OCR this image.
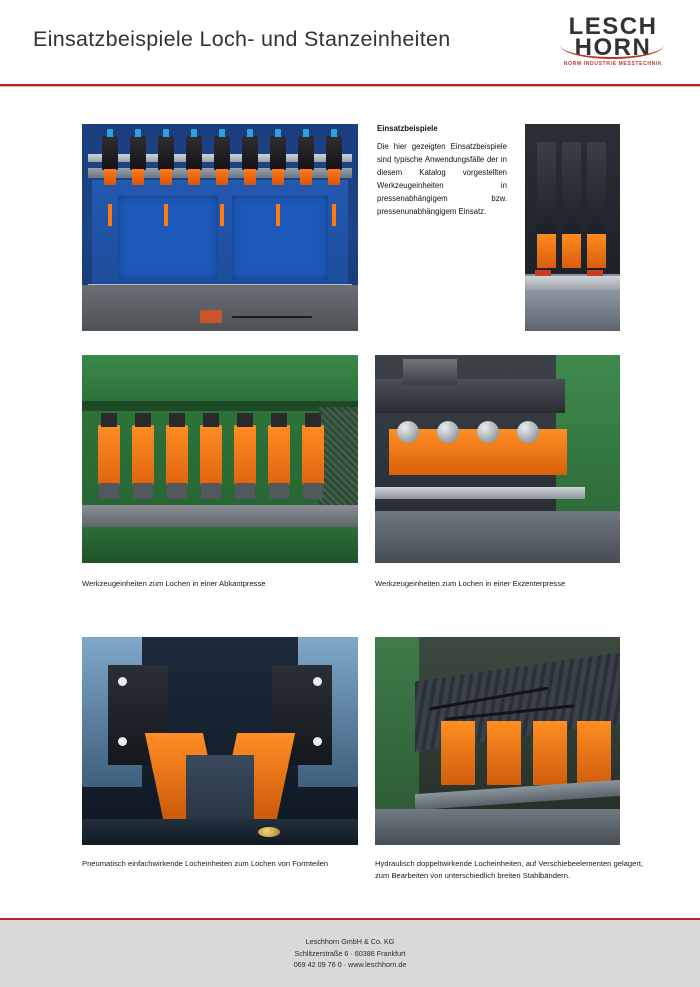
Einsatzbeispiele Loch- und Stanzeinheiten	LESCH
HORN
NORM INDUSTRIE MESSTECHNIK
Einsatzbeispiele
Die hier gezeigten Einsatzbeispiele sind typische Anwendungsfälle der in diesem Katalog vorgestellten Werkzeugeinheiten in pressenabhängigem bzw. pressenunabhängigem Einsatz.
Werkzeugeinheiten zum Lochen in einer Abkantpresse	Werkzeugeinheiten zum Lochen in einer Exzenterpresse
Pneumatisch einfachwirkende Locheinheiten zum Lochen von Formteilen	Hydraulisch doppeltwirkende Locheinheiten, auf Verschiebeelementen gelagert, zum Bearbeiten von unterschiedlich breiten Stahlbändern.
Leschhorn GmbH & Co. KG
Schlitzerstraße 6 · 60386 Frankfurt
069 42 09 76 0 · www.leschhorn.de
